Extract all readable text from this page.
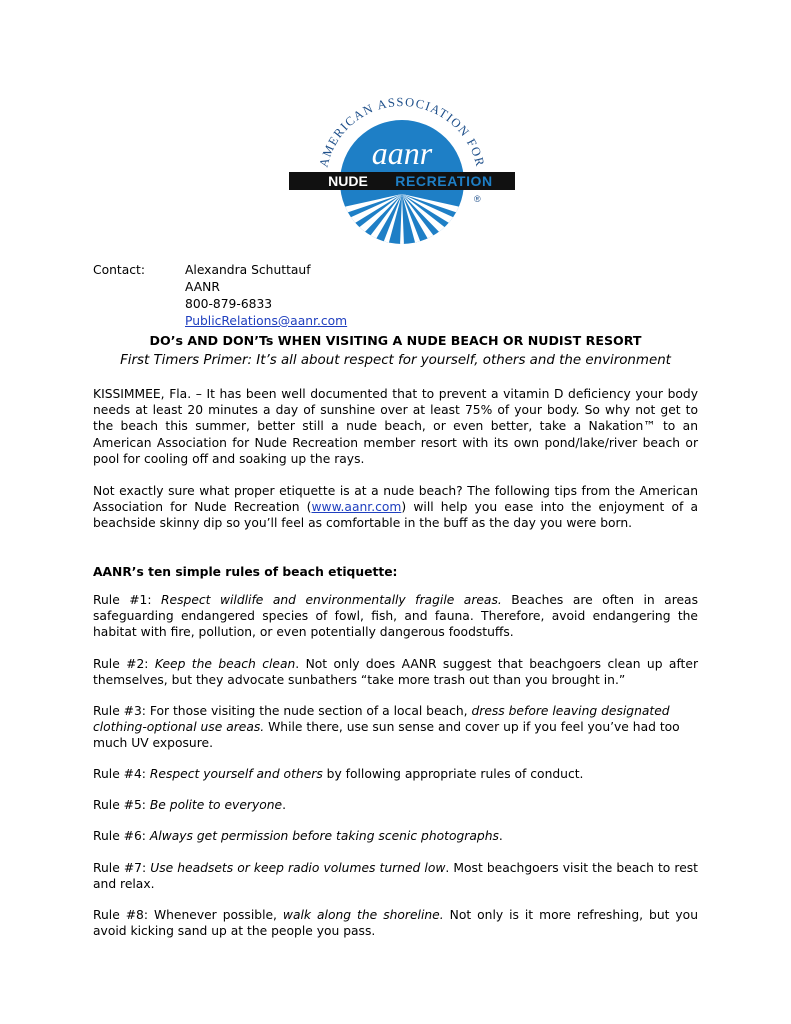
AMERICAN ASSOCIATION FOR
aanr
NUDE RECREATION
®
Contact:	Alexandra Schuttauf
AANR
800-879-6833
PublicRelations@aanr.com
DO’s AND DON’Ts WHEN VISITING A NUDE BEACH OR NUDIST RESORT
First Timers Primer: It’s all about respect for yourself, others and the environment
KISSIMMEE, Fla. – It has been well documented that to prevent a vitamin D deficiency your body needs at least 20 minutes a day of sunshine over at least 75% of your body. So why not get to the beach this summer, better still a nude beach, or even better, take a Nakation™ to an American Association for Nude Recreation member resort with its own pond/lake/river beach or pool for cooling off and soaking up the rays.
Not exactly sure what proper etiquette is at a nude beach? The following tips from the American Association for Nude Recreation (www.aanr.com) will help you ease into the enjoyment of a beachside skinny dip so you’ll feel as comfortable in the buff as the day you were born.
AANR’s ten simple rules of beach etiquette:
Rule #1: Respect wildlife and environmentally fragile areas. Beaches are often in areas safeguarding endangered species of fowl, fish, and fauna. Therefore, avoid endangering the habitat with fire, pollution, or even potentially dangerous foodstuffs.
Rule #2: Keep the beach clean. Not only does AANR suggest that beachgoers clean up after themselves, but they advocate sunbathers “take more trash out than you brought in.”
Rule #3: For those visiting the nude section of a local beach, dress before leaving designated clothing-optional use areas. While there, use sun sense and cover up if you feel you’ve had too much UV exposure.
Rule #4: Respect yourself and others by following appropriate rules of conduct.
Rule #5: Be polite to everyone.
Rule #6: Always get permission before taking scenic photographs.
Rule #7: Use headsets or keep radio volumes turned low. Most beachgoers visit the beach to rest and relax.
Rule #8: Whenever possible, walk along the shoreline. Not only is it more refreshing, but you avoid kicking sand up at the people you pass.
